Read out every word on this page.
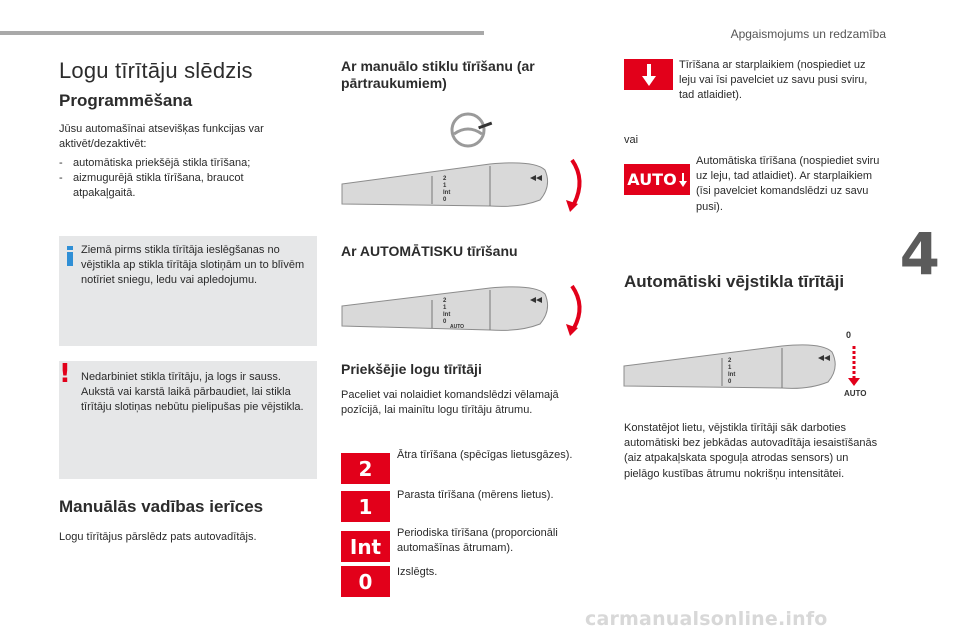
Apgaismojums un redzamība
4
Logu tīrītāju slēdzis
Programmēšana
Jūsu automašīnai atsevišķas funkcijas var aktivēt/dezaktivēt:
- automātiska priekšējā stikla tīrīšana;
- aizmugurējā stikla tīrīšana, braucot atpakaļgaitā.
Ziemā pirms stikla tīrītāja ieslēgšanas no vējstikla ap stikla tīrītāja slotiņām un to blīvēm notīriet sniegu, ledu vai apledojumu.
! Nedarbiniet stikla tīrītāju, ja logs ir sauss. Aukstā vai karstā laikā pārbaudiet, lai stikla tīrītāju slotiņas nebūtu pielipušas pie vējstikla.
Manuālās vadības ierīces
Logu tīrītājus pārslēdz pats autovadītājs.
Ar manuālo stiklu tīrīšanu (ar pārtraukumiem)
2
1
Int
0
Ar AUTOMĀTISKU tīrīšanu
2
1
Int
0
AUTO
Priekšējie logu tīrītāji
Paceliet vai nolaidiet komandslēdzi vēlamajā pozīcijā, lai mainītu logu tīrītāju ātrumu.
2
Ātra tīrīšana (spēcīgas lietusgāzes).
1	Parasta tīrīšana (mērens lietus).
Int
Periodiska tīrīšana (proporcionāli automašīnas ātrumam).
0	Izslēgts.
Tīrīšana ar starplaikiem (nospiediet uz leju vai īsi pavelciet uz savu pusi sviru, tad atlaidiet).
vai
AUTO
Automātiska tīrīšana (nospiediet sviru uz leju, tad atlaidiet). Ar starplaikiem (īsi pavelciet komandslēdzi uz savu pusi).
Automātiski vējstikla tīrītāji
2
1
Int
0
0
AUTO
Konstatējot lietu, vējstikla tīrītāji sāk darboties automātiski bez jebkādas autovadītāja iesaistīšanās (aiz atpakaļskata spoguļa atrodas sensors) un pielāgo kustības ātrumu nokrišņu intensitātei.
carmanualsonline.info
